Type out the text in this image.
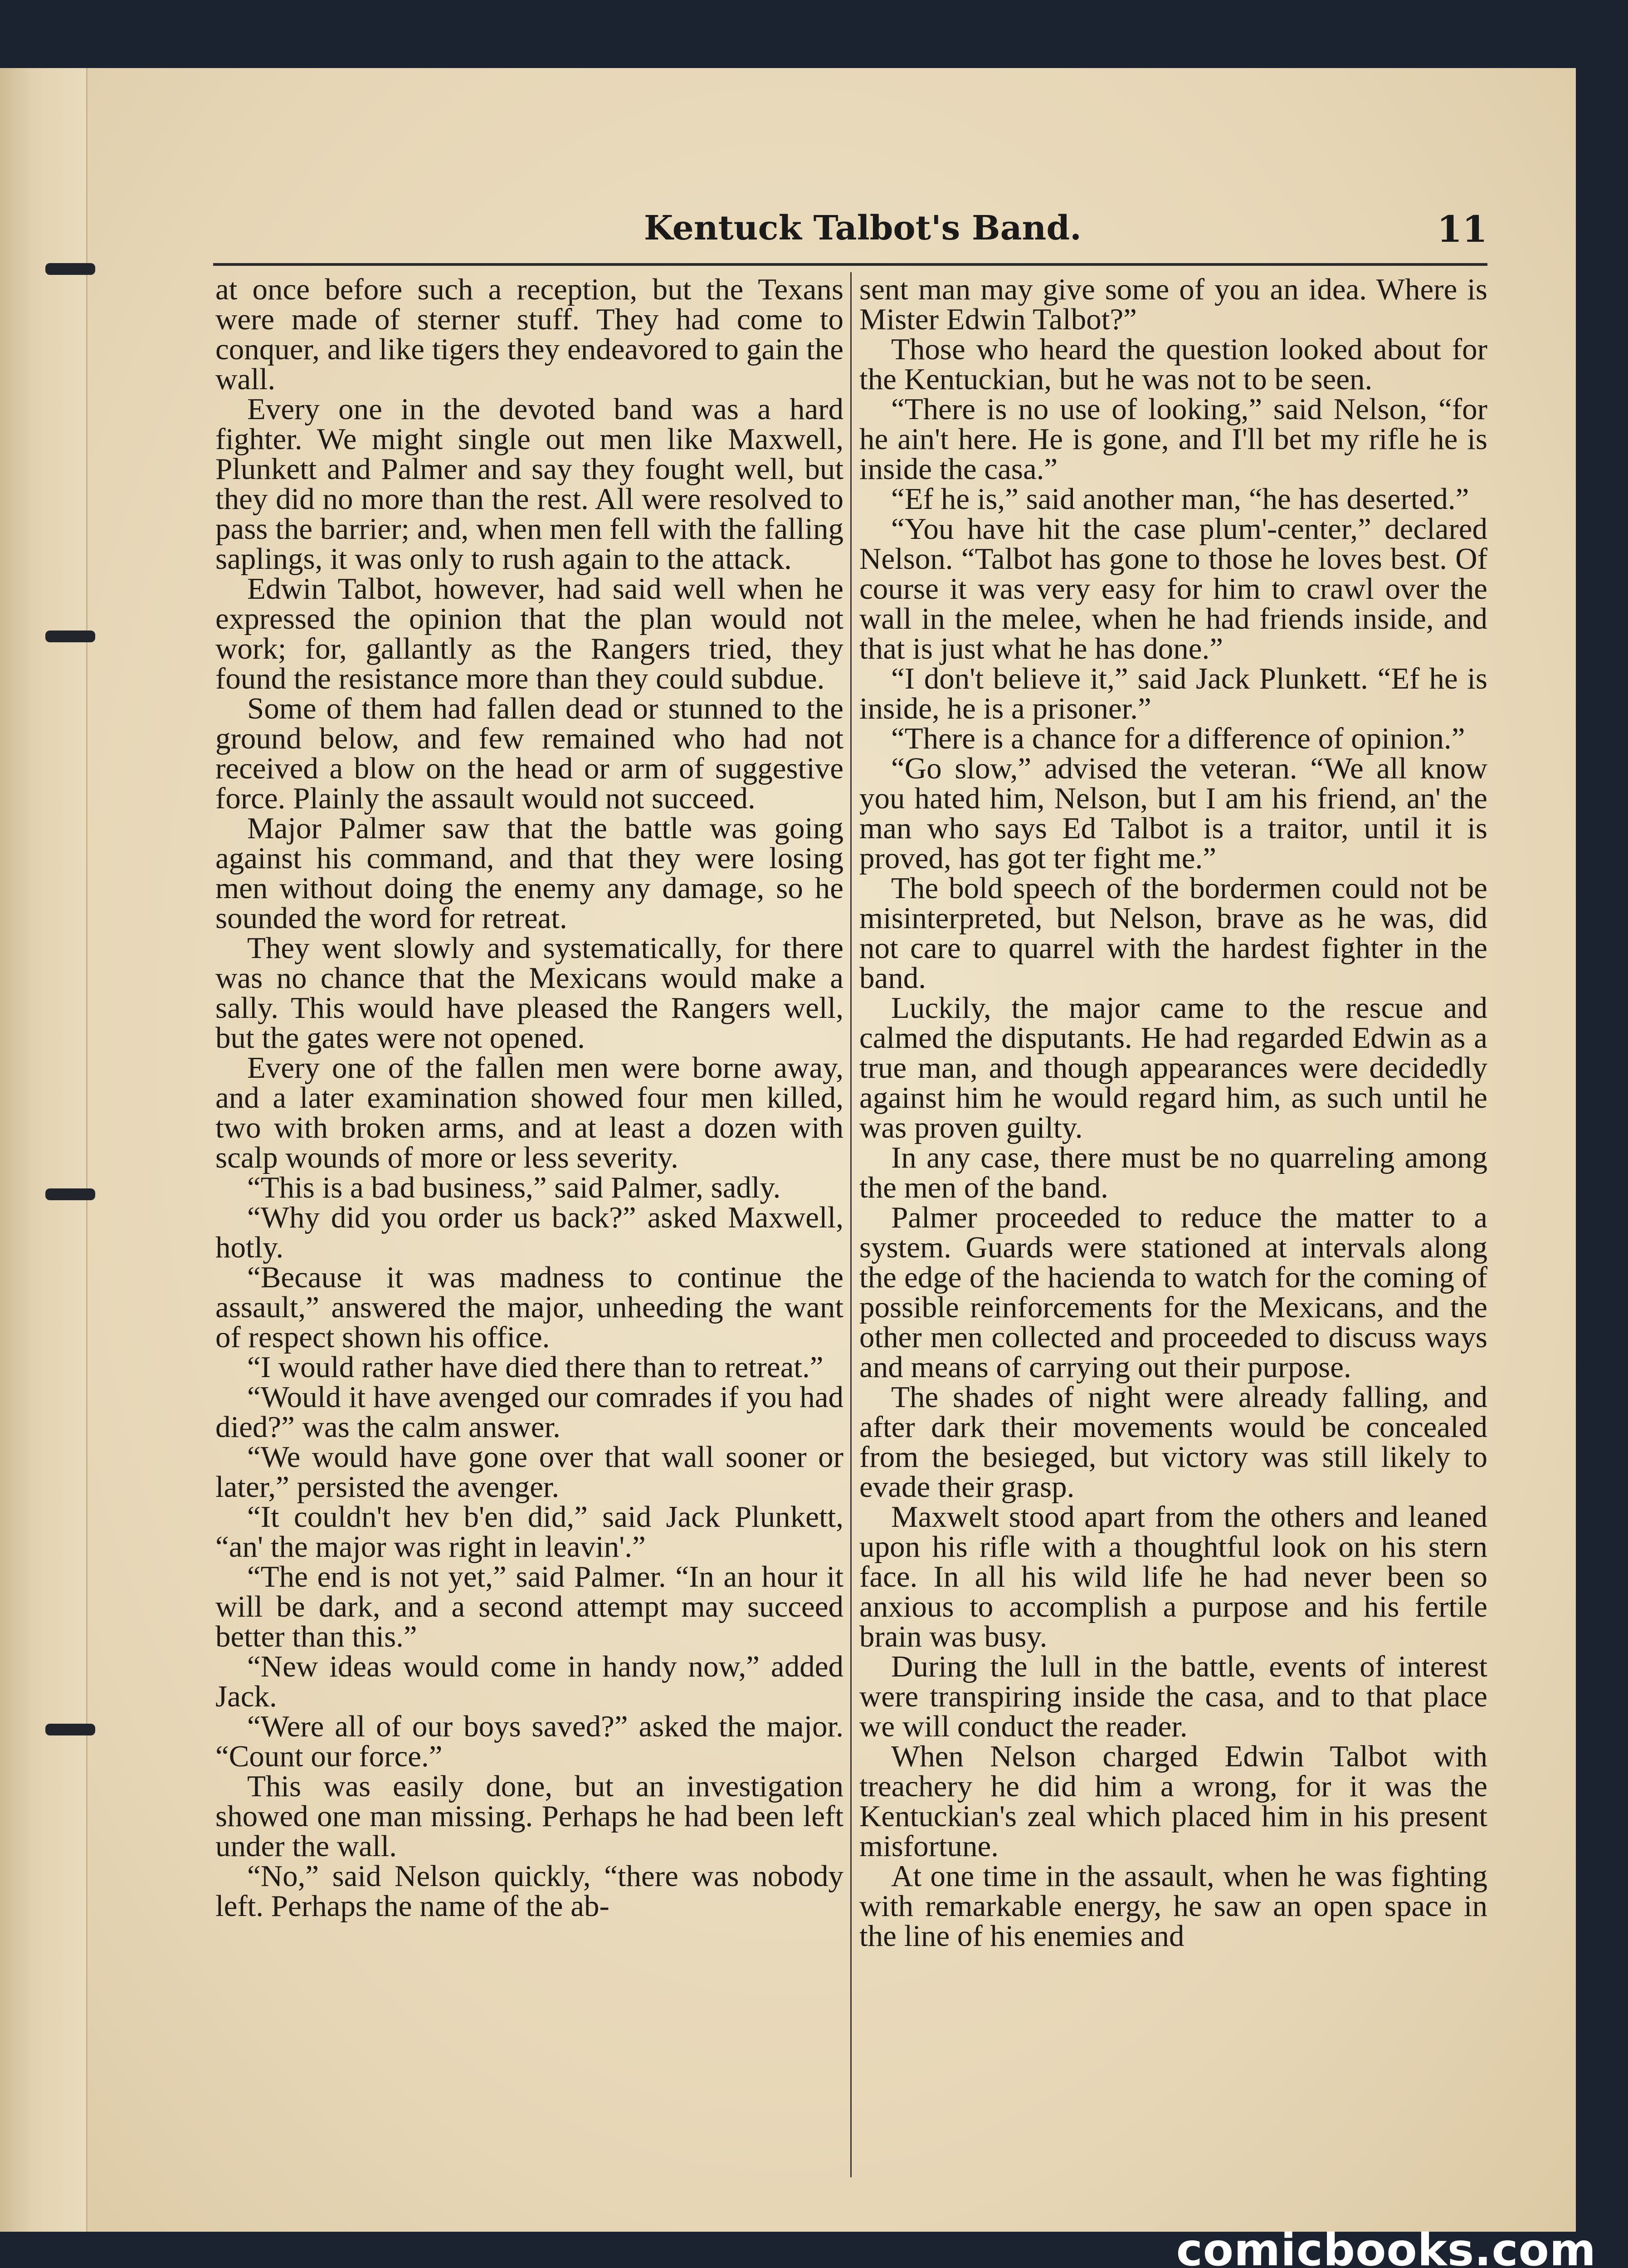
Kentuck Talbot's Band.	11

at once before such a reception, but the Texans were made of sterner stuff. They had come to conquer, and like tigers they endeavored to gain the wall.

Every one in the devoted band was a hard fighter. We might single out men like Maxwell, Plunkett and Palmer and say they fought well, but they did no more than the rest. All were resolved to pass the barrier; and, when men fell with the falling saplings, it was only to rush again to the attack.

Edwin Talbot, however, had said well when he expressed the opinion that the plan would not work; for, gallantly as the Rangers tried, they found the resistance more than they could subdue.

Some of them had fallen dead or stunned to the ground below, and few remained who had not received a blow on the head or arm of suggestive force. Plainly the assault would not succeed.

Major Palmer saw that the battle was going against his command, and that they were losing men without doing the enemy any damage, so he sounded the word for retreat.

They went slowly and systematically, for there was no chance that the Mexicans would make a sally. This would have pleased the Rangers well, but the gates were not opened.

Every one of the fallen men were borne away, and a later examination showed four men killed, two with broken arms, and at least a dozen with scalp wounds of more or less severity.

“This is a bad business,” said Palmer, sadly.

“Why did you order us back?” asked Maxwell, hotly.

“Because it was madness to continue the assault,” answered the major, unheeding the want of respect shown his office.

“I would rather have died there than to retreat.”

“Would it have avenged our comrades if you had died?” was the calm answer.

“We would have gone over that wall sooner or later,” persisted the avenger.

“It couldn't hev b'en did,” said Jack Plunkett, “an' the major was right in leavin'.”

“The end is not yet,” said Palmer. “In an hour it will be dark, and a second attempt may succeed better than this.”

“New ideas would come in handy now,” added Jack.

“Were all of our boys saved?” asked the major. “Count our force.”

This was easily done, but an investigation showed one man missing. Perhaps he had been left under the wall.

“No,” said Nelson quickly, “there was nobody left. Perhaps the name of the ab-

sent man may give some of you an idea. Where is Mister Edwin Talbot?”

Those who heard the question looked about for the Kentuckian, but he was not to be seen.

“There is no use of looking,” said Nelson, “for he ain't here. He is gone, and I'll bet my rifle he is inside the casa.”

“Ef he is,” said another man, “he has deserted.”

“You have hit the case plum'-center,” declared Nelson. “Talbot has gone to those he loves best. Of course it was very easy for him to crawl over the wall in the melee, when he had friends inside, and that is just what he has done.”

“I don't believe it,” said Jack Plunkett. “Ef he is inside, he is a prisoner.”

“There is a chance for a difference of opinion.”

“Go slow,” advised the veteran. “We all know you hated him, Nelson, but I am his friend, an' the man who says Ed Talbot is a traitor, until it is proved, has got ter fight me.”

The bold speech of the bordermen could not be misinterpreted, but Nelson, brave as he was, did not care to quarrel with the hardest fighter in the band.

Luckily, the major came to the rescue and calmed the disputants. He had regarded Edwin as a true man, and though appearances were decidedly against him he would regard him, as such until he was proven guilty.

In any case, there must be no quarreling among the men of the band.

Palmer proceeded to reduce the matter to a system. Guards were stationed at intervals along the edge of the hacienda to watch for the coming of possible reinforcements for the Mexicans, and the other men collected and proceeded to discuss ways and means of carrying out their purpose.

The shades of night were already falling, and after dark their movements would be concealed from the besieged, but victory was still likely to evade their grasp.

Maxwelt stood apart from the others and leaned upon his rifle with a thoughtful look on his stern face. In all his wild life he had never been so anxious to accomplish a purpose and his fertile brain was busy.

During the lull in the battle, events of interest were transpiring inside the casa, and to that place we will conduct the reader.

When Nelson charged Edwin Talbot with treachery he did him a wrong, for it was the Kentuckian's zeal which placed him in his present misfortune.

At one time in the assault, when he was fighting with remarkable energy, he saw an open space in the line of his enemies and

comicbooks.com
